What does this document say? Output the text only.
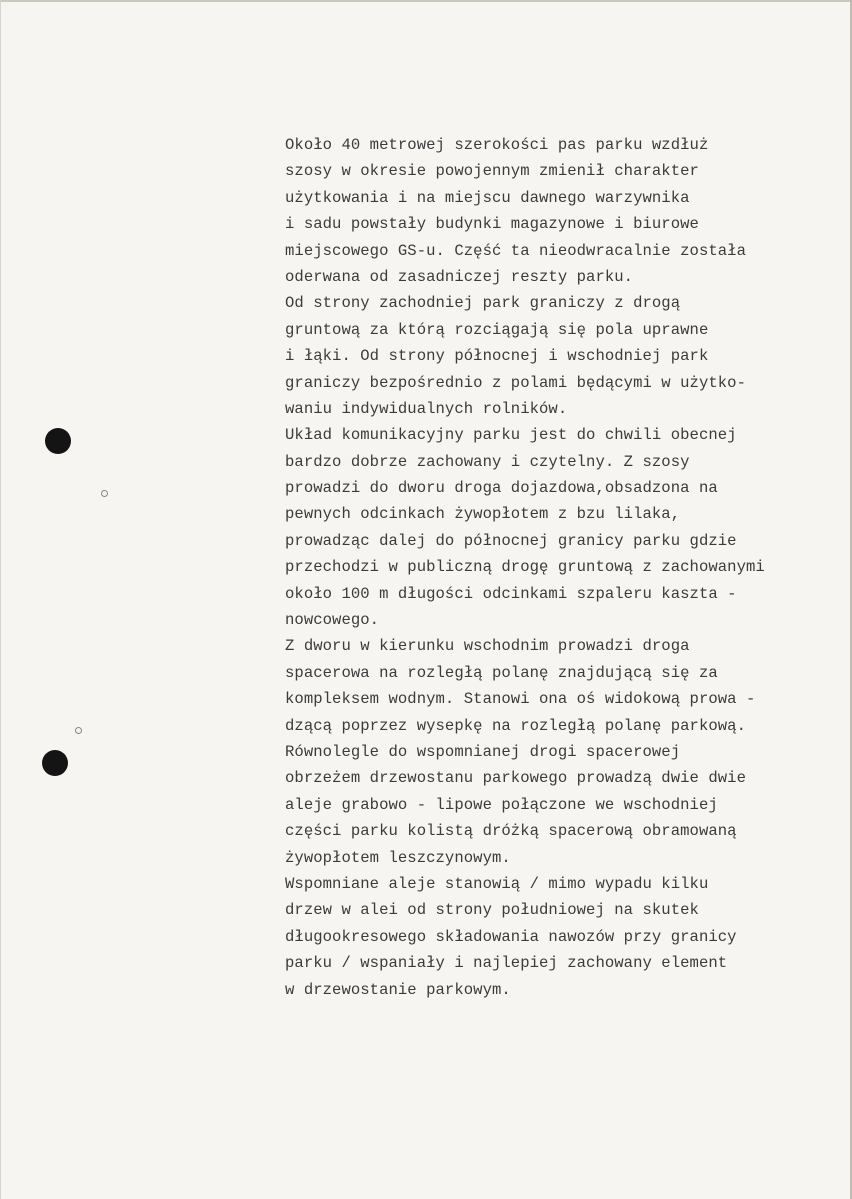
Około 40 metrowej szerokości pas parku wzdłuż
szosy w okresie powojennym zmienił charakter
użytkowania i na miejscu dawnego warzywnika
i sadu powstały budynki magazynowe i biurowe
miejscowego GS-u. Część ta nieodwracalnie została
oderwana od zasadniczej reszty parku.
Od strony zachodniej park graniczy z drogą
gruntową za którą rozciągają się pola uprawne
i łąki. Od strony północnej i wschodniej park
graniczy bezpośrednio z polami będącymi w użytko-
waniu indywidualnych rolników.
Układ komunikacyjny parku jest do chwili obecnej
bardzo dobrze zachowany i czytelny. Z szosy
prowadzi do dworu droga dojazdowa,obsadzona na
pewnych odcinkach żywopłotem z bzu lilaka,
prowadząc dalej do północnej granicy parku gdzie
przechodzi w publiczną drogę gruntową z zachowanymi
około 100 m długości odcinkami szpaleru kaszta -
nowcowego.
Z dworu w kierunku wschodnim prowadzi droga
spacerowa na rozległą polanę znajdującą się za
kompleksem wodnym. Stanowi ona oś widokową prowa -
dzącą poprzez wysepkę na rozległą polanę parkową.
Równolegle do wspomnianej drogi spacerowej
obrzeżem drzewostanu parkowego prowadzą dwie dwie
aleje grabowo - lipowe połączone we wschodniej
części parku kolistą dróżką spacerową obramowaną
żywopłotem leszczynowym.
Wspomniane aleje stanowią / mimo wypadu kilku
drzew w alei od strony południowej na skutek
długookresowego składowania nawozów przy granicy
parku / wspaniały i najlepiej zachowany element
w drzewostanie parkowym.
